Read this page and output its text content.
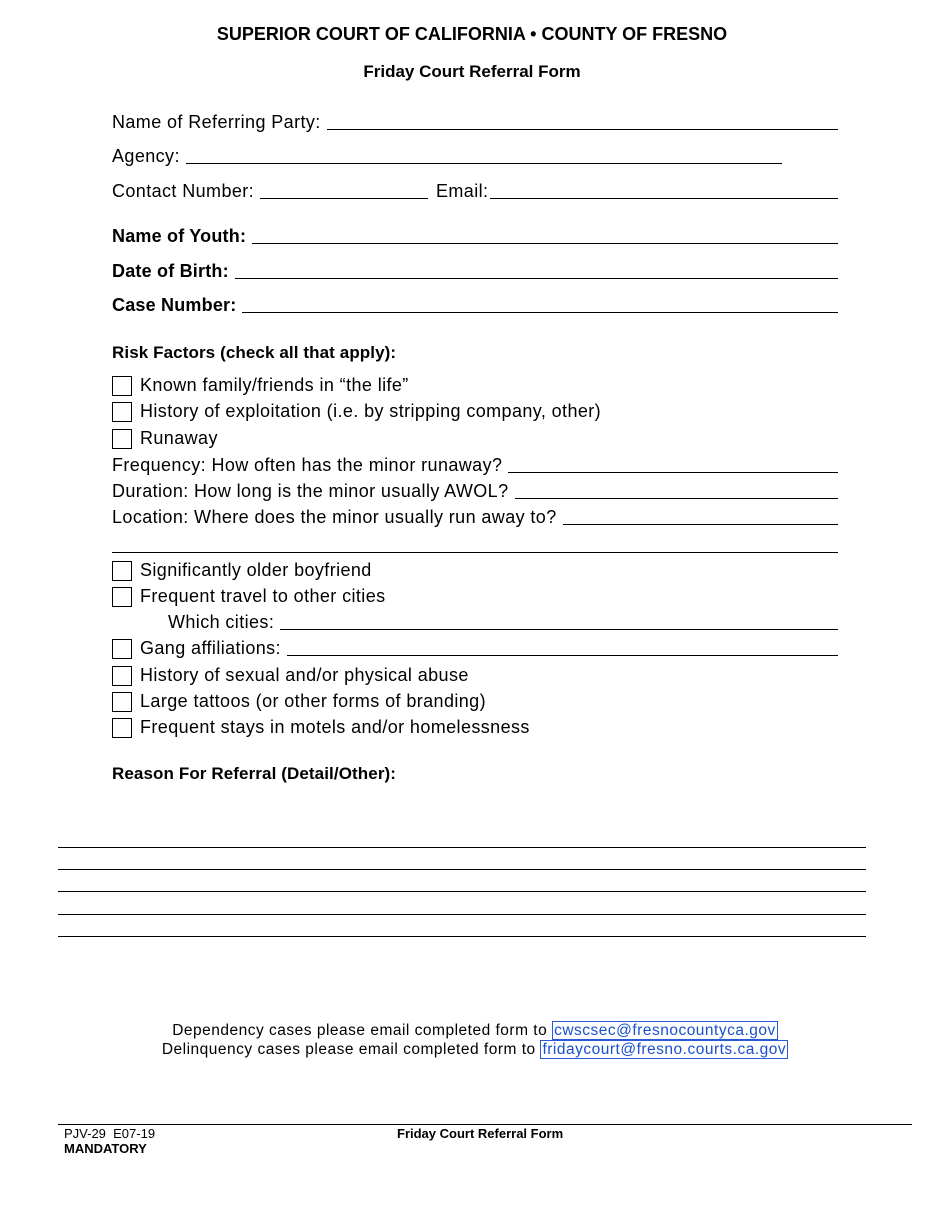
SUPERIOR COURT OF CALIFORNIA • COUNTY OF FRESNO
Friday Court Referral Form
Name of Referring Party:
Agency:
Contact Number:	Email:
Name of Youth:
Date of Birth:
Case Number:
Risk Factors (check all that apply):
Known family/friends in “the life”
History of exploitation (i.e. by stripping company, other)
Runaway
Frequency: How often has the minor runaway?
Duration: How long is the minor usually AWOL?
Location: Where does the minor usually run away to?
Significantly older boyfriend
Frequent travel to other cities
Which cities:
Gang affiliations:
History of sexual and/or physical abuse
Large tattoos (or other forms of branding)
Frequent stays in motels and/or homelessness
Reason For Referral (Detail/Other):
Dependency cases please email completed form to cwscsec@fresnocountyca.gov
Delinquency cases please email completed form to fridaycourt@fresno.courts.ca.gov
PJV-29  E07-19
MANDATORY
Friday Court Referral Form
